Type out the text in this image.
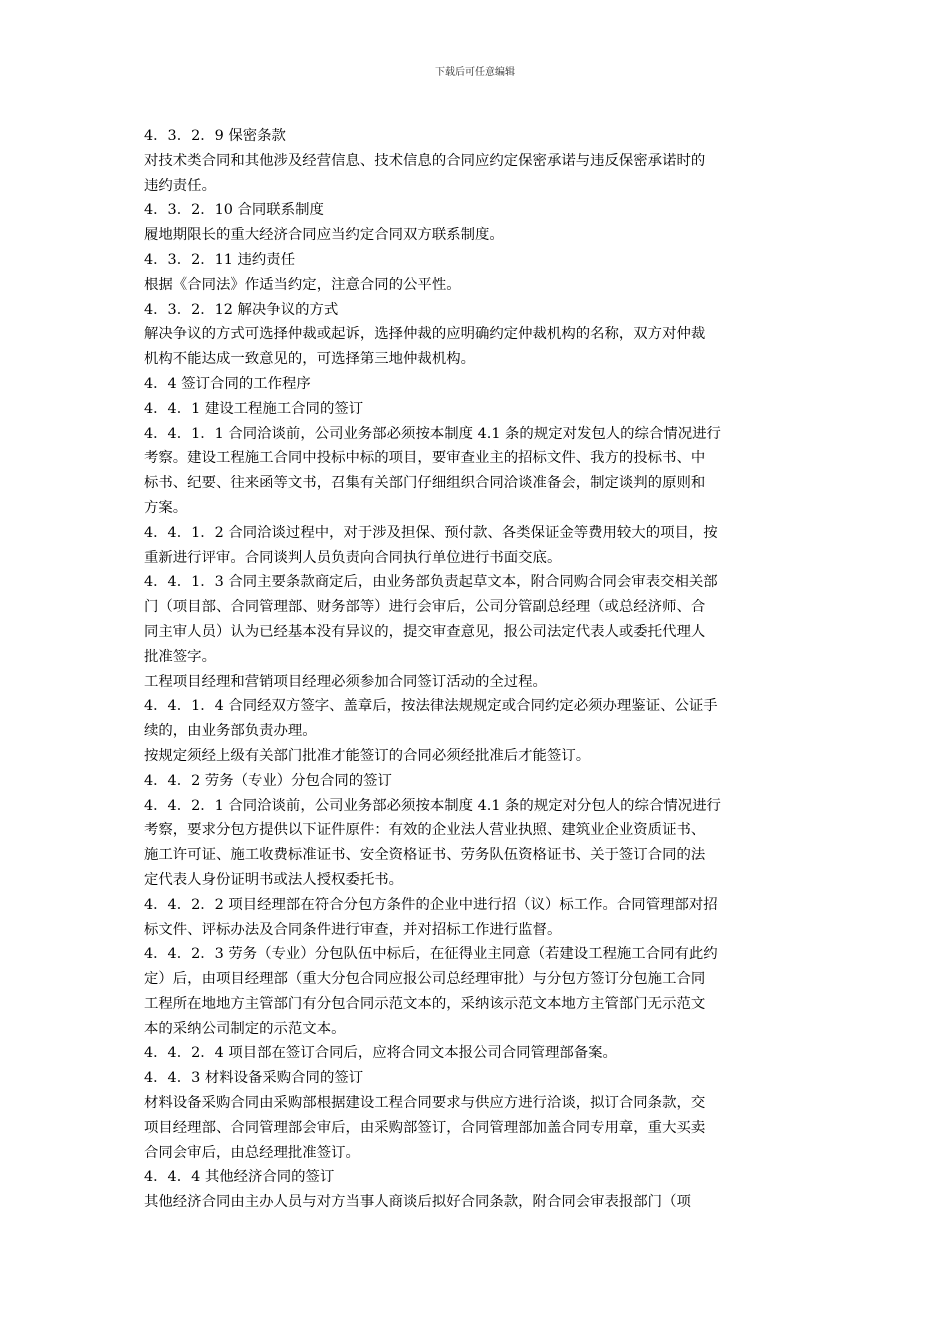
下载后可任意编辑
4．3．2．9 保密条款
对技术类合同和其他涉及经营信息、技术信息的合同应约定保密承诺与违反保密承诺时的
违约责任。
4．3．2．10 合同联系制度
履地期限长的重大经济合同应当约定合同双方联系制度。
4．3．2．11 违约责任
根据《合同法》作适当约定，注意合同的公平性。
4．3．2．12 解决争议的方式
解决争议的方式可选择仲裁或起诉，选择仲裁的应明确约定仲裁机构的名称，双方对仲裁
机构不能达成一致意见的，可选择第三地仲裁机构。
4．4 签订合同的工作程序
4．4．1 建设工程施工合同的签订
4．4．1．1 合同洽谈前，公司业务部必须按本制度 4.1 条的规定对发包人的综合情况进行
考察。建设工程施工合同中投标中标的项目，要审查业主的招标文件、我方的投标书、中
标书、纪要、往来函等文书，召集有关部门仔细组织合同洽谈准备会，制定谈判的原则和
方案。
4．4．1．2 合同洽谈过程中，对于涉及担保、预付款、各类保证金等费用较大的项目，按
重新进行评审。合同谈判人员负责向合同执行单位进行书面交底。
4．4．1．3 合同主要条款商定后，由业务部负责起草文本，附合同购合同会审表交相关部
门（项目部、合同管理部、财务部等）进行会审后，公司分管副总经理（或总经济师、合
同主审人员）认为已经基本没有异议的，提交审查意见，报公司法定代表人或委托代理人
批准签字。
工程项目经理和营销项目经理必须参加合同签订活动的全过程。
4．4．1．4 合同经双方签字、盖章后，按法律法规规定或合同约定必须办理鉴证、公证手
续的，由业务部负责办理。
按规定须经上级有关部门批准才能签订的合同必须经批准后才能签订。
4．4．2 劳务（专业）分包合同的签订
4．4．2．1 合同洽谈前，公司业务部必须按本制度 4.1 条的规定对分包人的综合情况进行
考察，要求分包方提供以下证件原件：有效的企业法人营业执照、建筑业企业资质证书、
施工许可证、施工收费标准证书、安全资格证书、劳务队伍资格证书、关于签订合同的法
定代表人身份证明书或法人授权委托书。
4．4．2．2 项目经理部在符合分包方条件的企业中进行招（议）标工作。合同管理部对招
标文件、评标办法及合同条件进行审查，并对招标工作进行监督。
4．4．2．3 劳务（专业）分包队伍中标后，在征得业主同意（若建设工程施工合同有此约
定）后，由项目经理部（重大分包合同应报公司总经理审批）与分包方签订分包施工合同
工程所在地地方主管部门有分包合同示范文本的，采纳该示范文本地方主管部门无示范文
本的采纳公司制定的示范文本。
4．4．2．4 项目部在签订合同后，应将合同文本报公司合同管理部备案。
4．4．3 材料设备采购合同的签订
材料设备采购合同由采购部根据建设工程合同要求与供应方进行洽谈，拟订合同条款，交
项目经理部、合同管理部会审后，由采购部签订，合同管理部加盖合同专用章，重大买卖
合同会审后，由总经理批准签订。
4．4．4 其他经济合同的签订
其他经济合同由主办人员与对方当事人商谈后拟好合同条款，附合同会审表报部门（项
